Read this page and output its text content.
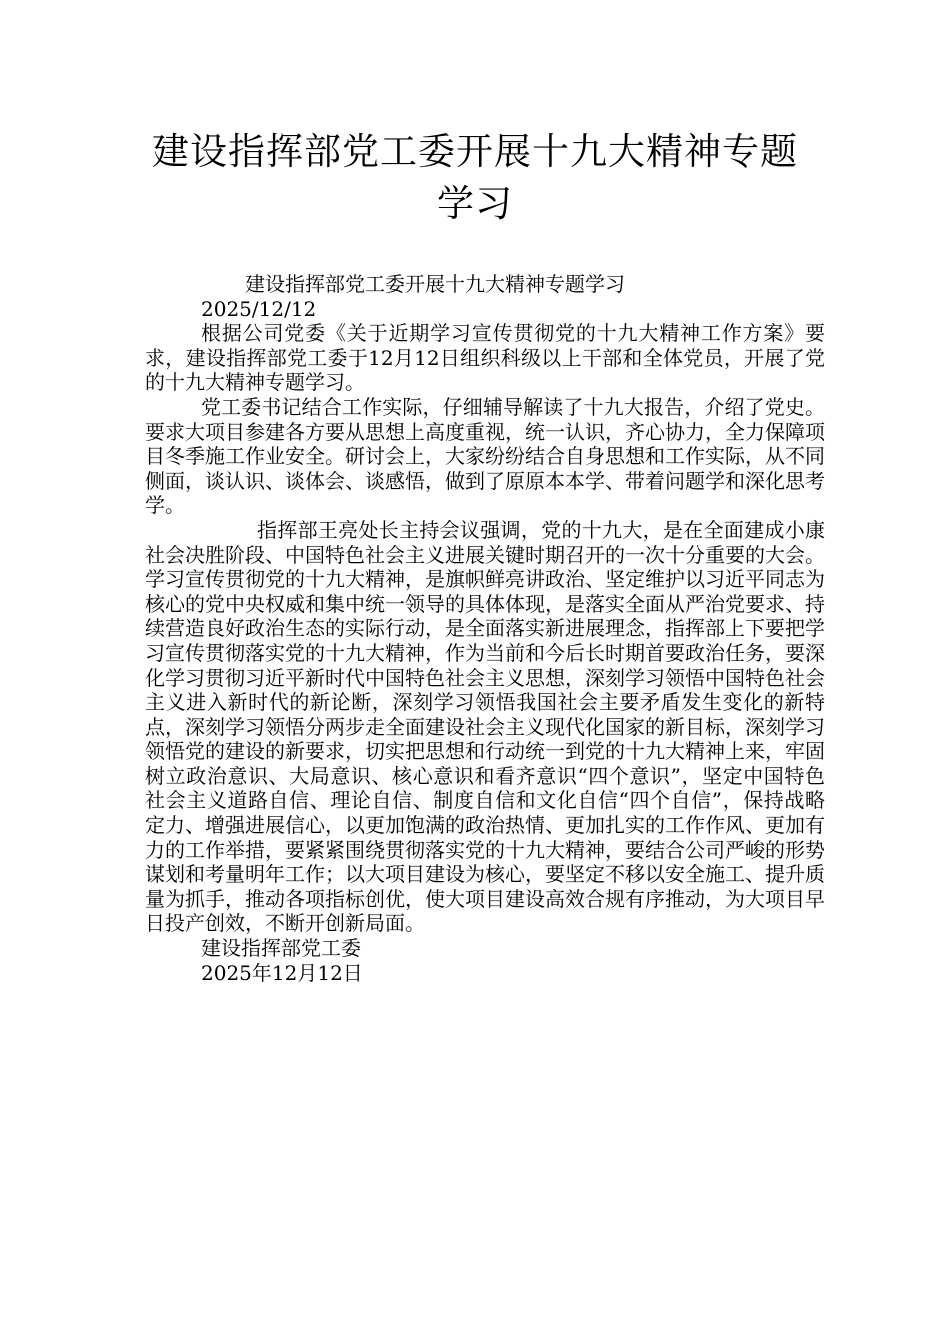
建设指挥部党工委开展十九大精神专题学习

建设指挥部党工委开展十九大精神专题学习

2025/12/12

根据公司党委《关于近期学习宣传贯彻党的十九大精神工作方案》要求，建设指挥部党工委于12月12日组织科级以上干部和全体党员，开展了党的十九大精神专题学习。

党工委书记结合工作实际，仔细辅导解读了十九大报告，介绍了党史。要求大项目参建各方要从思想上高度重视，统一认识，齐心协力，全力保障项目冬季施工作业安全。研讨会上，大家纷纷结合自身思想和工作实际，从不同侧面，谈认识、谈体会、谈感悟，做到了原原本本学、带着问题学和深化思考学。

指挥部王亮处长主持会议强调，党的十九大，是在全面建成小康社会决胜阶段、中国特色社会主义进展关键时期召开的一次十分重要的大会。学习宣传贯彻党的十九大精神，是旗帜鲜亮讲政治、坚定维护以习近平同志为核心的党中央权威和集中统一领导的具体体现，是落实全面从严治党要求、持续营造良好政治生态的实际行动，是全面落实新进展理念，指挥部上下要把学习宣传贯彻落实党的十九大精神，作为当前和今后长时期首要政治任务，要深化学习贯彻习近平新时代中国特色社会主义思想，深刻学习领悟中国特色社会主义进入新时代的新论断，深刻学习领悟我国社会主要矛盾发生变化的新特点，深刻学习领悟分两步走全面建设社会主义现代化国家的新目标，深刻学习领悟党的建设的新要求，切实把思想和行动统一到党的十九大精神上来，牢固树立政治意识、大局意识、核心意识和看齐意识“四个意识”，坚定中国特色社会主义道路自信、理论自信、制度自信和文化自信“四个自信”，保持战略定力、增强进展信心，以更加饱满的政治热情、更加扎实的工作作风、更加有力的工作举措，要紧紧围绕贯彻落实党的十九大精神，要结合公司严峻的形势谋划和考量明年工作；以大项目建设为核心，要坚定不移以安全施工、提升质量为抓手，推动各项指标创优，使大项目建设高效合规有序推动，为大项目早日投产创效，不断开创新局面。

建设指挥部党工委

2025年12月12日
